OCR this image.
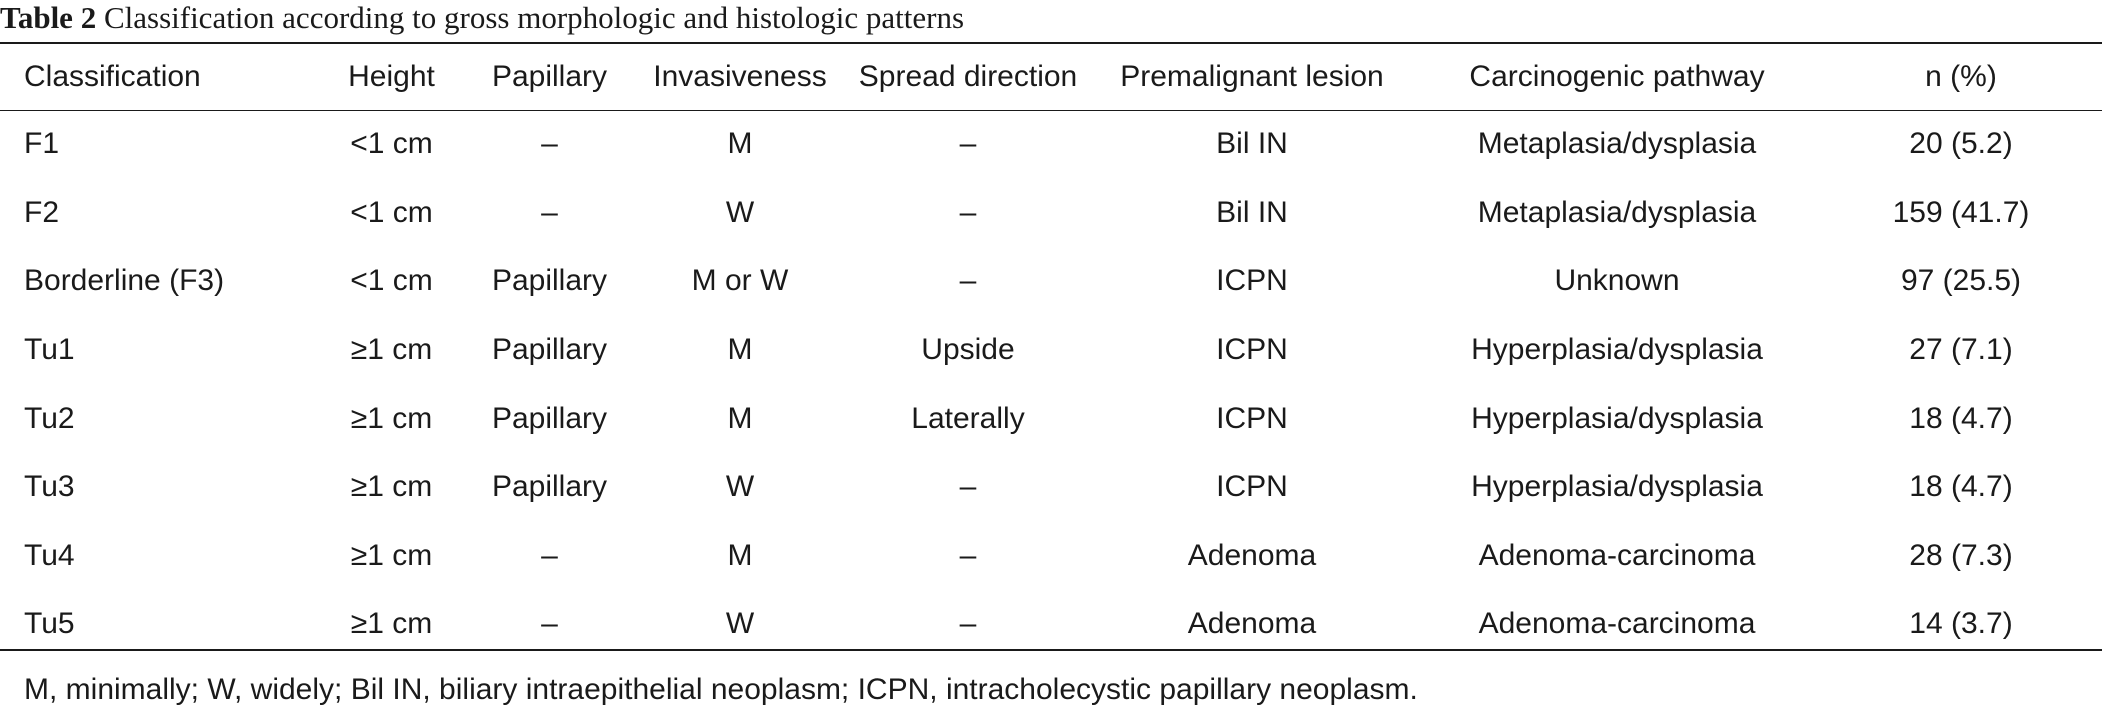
Table 2 Classification according to gross morphologic and histologic patterns
Classification	Height	Papillary	Invasiveness	Spread direction	Premalignant lesion	Carcinogenic pathway	n (%)
F1	<1 cm	–	M	–	Bil IN	Metaplasia/dysplasia	20 (5.2)
F2	<1 cm	–	W	–	Bil IN	Metaplasia/dysplasia	159 (41.7)
Borderline (F3)	<1 cm	Papillary	M or W	–	ICPN	Unknown	97 (25.5)
Tu1	≥1 cm	Papillary	M	Upside	ICPN	Hyperplasia/dysplasia	27 (7.1)
Tu2	≥1 cm	Papillary	M	Laterally	ICPN	Hyperplasia/dysplasia	18 (4.7)
Tu3	≥1 cm	Papillary	W	–	ICPN	Hyperplasia/dysplasia	18 (4.7)
Tu4	≥1 cm	–	M	–	Adenoma	Adenoma-carcinoma	28 (7.3)
Tu5	≥1 cm	–	W	–	Adenoma	Adenoma-carcinoma	14 (3.7)
M, minimally; W, widely; Bil IN, biliary intraepithelial neoplasm; ICPN, intracholecystic papillary neoplasm.
